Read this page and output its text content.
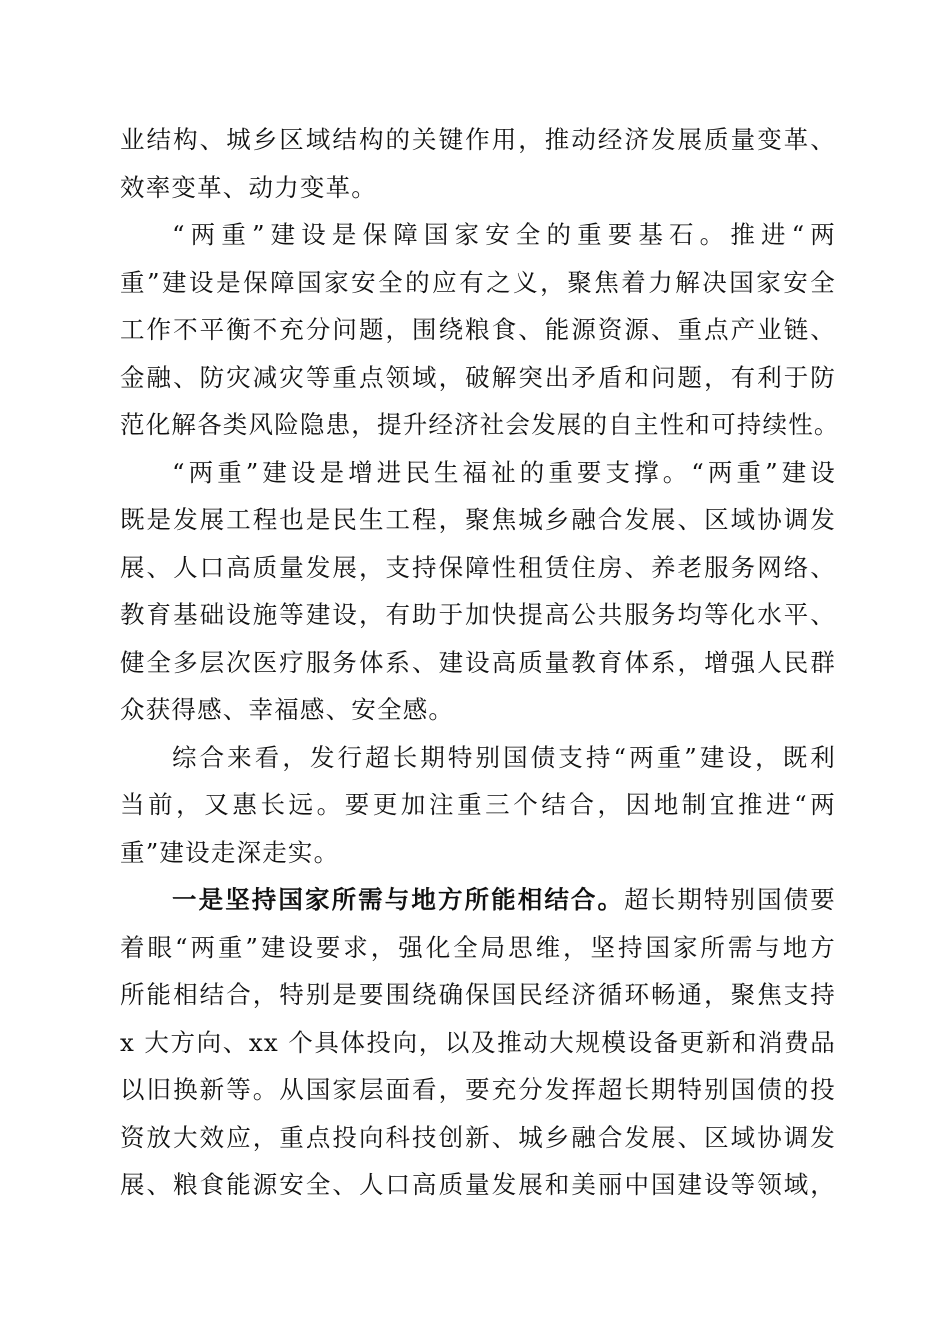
业结构、城乡区域结构的关键作用，推动经济发展质量变革、
效率变革、动力变革。
“两重”建设是保障国家安全的重要基石。推进“两
重”建设是保障国家安全的应有之义，聚焦着力解决国家安全
工作不平衡不充分问题，围绕粮食、能源资源、重点产业链、
金融、防灾减灾等重点领域，破解突出矛盾和问题，有利于防
范化解各类风险隐患，提升经济社会发展的自主性和可持续性。
“两重”建设是增进民生福祉的重要支撑。“两重”建设
既是发展工程也是民生工程，聚焦城乡融合发展、区域协调发
展、人口高质量发展，支持保障性租赁住房、养老服务网络、
教育基础设施等建设，有助于加快提高公共服务均等化水平、
健全多层次医疗服务体系、建设高质量教育体系，增强人民群
众获得感、幸福感、安全感。
综合来看，发行超长期特别国债支持“两重”建设，既利
当前，又惠长远。要更加注重三个结合，因地制宜推进“两
重”建设走深走实。
一是坚持国家所需与地方所能相结合。超长期特别国债要
着眼“两重”建设要求，强化全局思维，坚持国家所需与地方
所能相结合，特别是要围绕确保国民经济循环畅通，聚焦支持
x 大方向、xx 个具体投向，以及推动大规模设备更新和消费品
以旧换新等。从国家层面看，要充分发挥超长期特别国债的投
资放大效应，重点投向科技创新、城乡融合发展、区域协调发
展、粮食能源安全、人口高质量发展和美丽中国建设等领域，
